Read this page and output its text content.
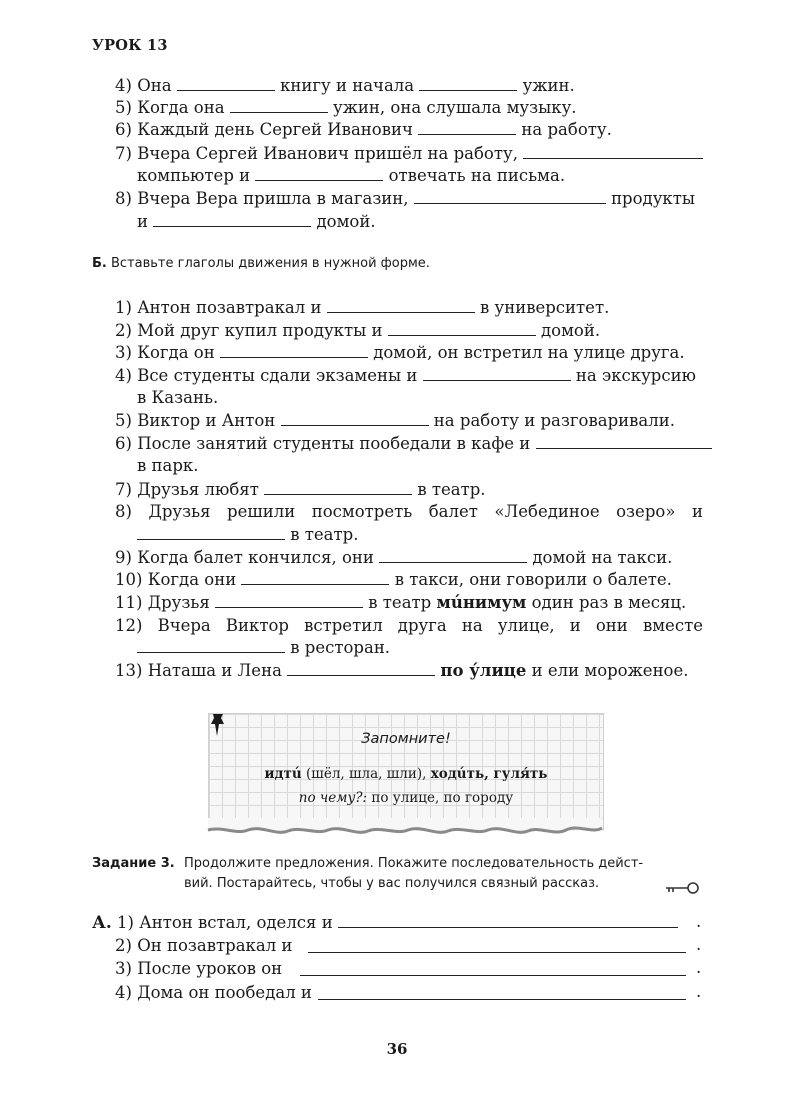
УРОК 13
4) Она	книгу и начала	ужин.
5) Когда она	ужин, она слушала музыку.
6) Каждый день Сергей Иванович	на работу.
7) Вчера Сергей Иванович пришёл на работу,
компьютер и	отвечать на письма.
8) Вчера Вера пришла в магазин,	продукты
и	домой.
Б. Вставьте глаголы движения в нужной форме.
1) Антон позавтракал и	в университет.
2) Мой друг купил продукты и	домой.
3) Когда он	домой, он встретил на улице друга.
4) Все студенты сдали экзамены и	на экскурсию
в Казань.
5) Виктор и Антон	на работу и разговаривали.
6) После занятий студенты пообедали в кафе и
в парк.
7) Друзья любят	в театр.
8) Друзья решили посмотреть балет «Лебединое озеро» и
в театр.
9) Когда балет кончился, они	домой на такси.
10) Когда они	в такси, они говорили о балете.
11) Друзья	в театр мúнимум один раз в месяц.
12) Вчера Виктор встретил друга на улице, и они вместе
в ресторан.
13) Наташа и Лена	по у́лице и ели мороженое.
Запомните!
идтú (шёл, шла, шли), ходúть, гуля́ть
по чему?: по улице, по городу
Задание 3. Продолжите предложения. Покажите последовательность дейст-
вий. Постарайтесь, чтобы у вас получился связный рассказ.
А. 1) Антон встал, оделся и	.
2) Он позавтракал и	.
3) После уроков он	.
4) Дома он пообедал и	.
36
